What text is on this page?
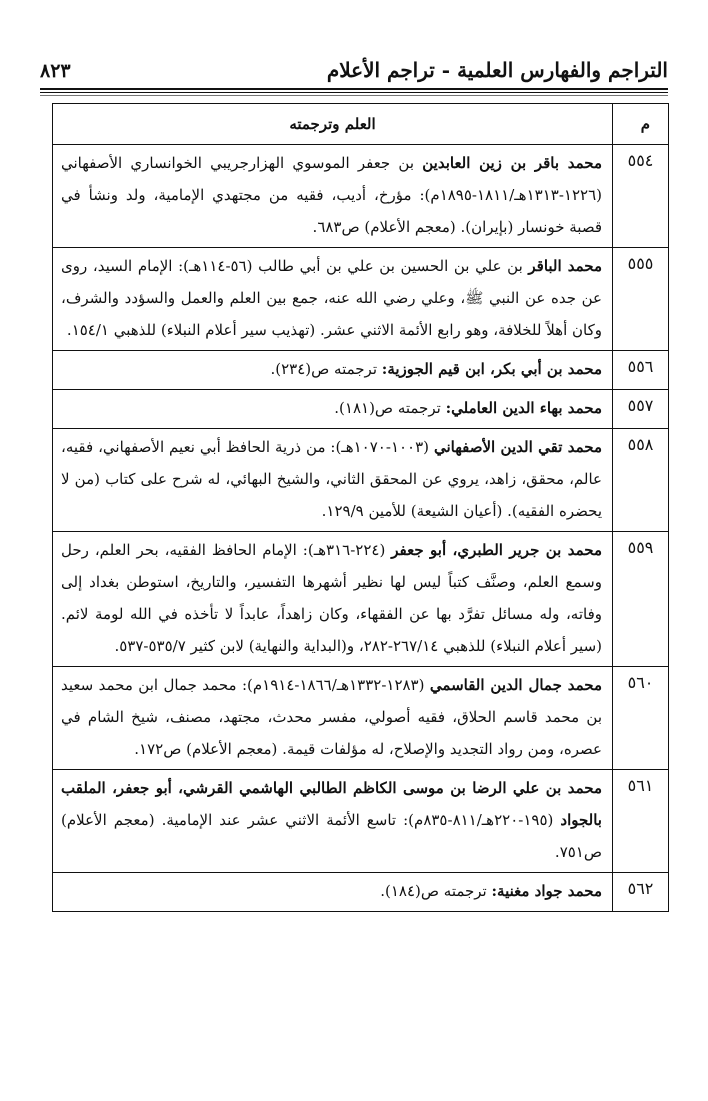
التراجم والفهارس العلمية - تراجم الأعلام
٨٢٣
م	العلم وترجمته
٥٥٤	محمد باقر بن زين العابدين بن جعفر الموسوي الهزارجريبي الخوانساري الأصفهاني (١٢٢٦-١٣١٣هـ/١٨١١-١٨٩٥م): مؤرخ، أديب، فقيه من مجتهدي الإمامية، ولد ونشأ في قصبة خونسار (بإيران). (معجم الأعلام) ص٦٨٣.
٥٥٥	محمد الباقر بن علي بن الحسين بن علي بن أبي طالب (٥٦-١١٤هـ): الإمام السيد، روى عن جده عن النبي ﷺ، وعلي رضي الله عنه، جمع بين العلم والعمل والسؤدد والشرف، وكان أهلاً للخلافة، وهو رابع الأئمة الاثني عشر. (تهذيب سير أعلام النبلاء) للذهبي ١٥٤/١.
٥٥٦	محمد بن أبي بكر، ابن قيم الجوزية: ترجمته ص(٢٣٤).
٥٥٧	محمد بهاء الدين العاملي: ترجمته ص(١٨١).
٥٥٨	محمد تقي الدين الأصفهاني (١٠٠٣-١٠٧٠هـ): من ذرية الحافظ أبي نعيم الأصفهاني، فقيه، عالم، محقق، زاهد، يروي عن المحقق الثاني، والشيخ البهائي، له شرح على كتاب (من لا يحضره الفقيه). (أعيان الشيعة) للأمين ١٢٩/٩.
٥٥٩	محمد بن جرير الطبري، أبو جعفر (٢٢٤-٣١٦هـ): الإمام الحافظ الفقيه، بحر العلم، رحل وسمع العلم، وصنَّف كتباً ليس لها نظير أشهرها التفسير، والتاريخ، استوطن بغداد إلى وفاته، وله مسائل تفرَّد بها عن الفقهاء، وكان زاهداً، عابداً لا تأخذه في الله لومة لائم. (سير أعلام النبلاء) للذهبي ٢٦٧/١٤-٢٨٢، و(البداية والنهاية) لابن كثير ٥٣٥/٧-٥٣٧.
٥٦٠	محمد جمال الدين القاسمي (١٢٨٣-١٣٣٢هـ/١٨٦٦-١٩١٤م): محمد جمال ابن محمد سعيد بن محمد قاسم الحلاق، فقيه أصولي، مفسر محدث، مجتهد، مصنف، شيخ الشام في عصره، ومن رواد التجديد والإصلاح، له مؤلفات قيمة. (معجم الأعلام) ص١٧٢.
٥٦١	محمد بن علي الرضا بن موسى الكاظم الطالبي الهاشمي القرشي، أبو جعفر، الملقب بالجواد (١٩٥-٢٢٠هـ/٨١١-٨٣٥م): تاسع الأئمة الاثني عشر عند الإمامية. (معجم الأعلام) ص٧٥١.
٥٦٢	محمد جواد مغنية: ترجمته ص(١٨٤).
